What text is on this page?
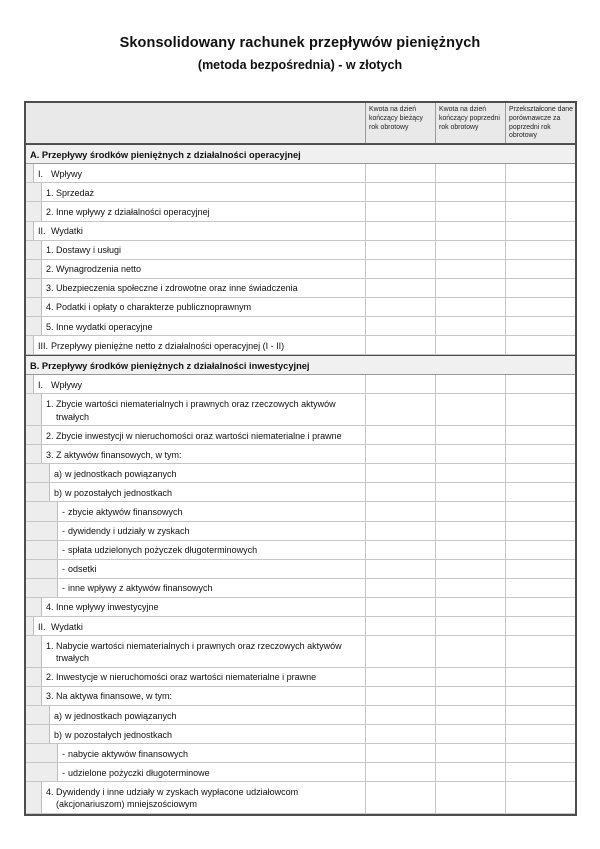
Skonsolidowany rachunek przepływów pieniężnych
(metoda bezpośrednia) - w złotych
Kwota na dzień kończący bieżący rok obrotowy
Kwota na dzień kończący poprzedni rok obrotowy
Przekształcone dane porównawcze za poprzedni rok obrotowy
A. Przepływy środków pieniężnych z działalności operacyjnej
I. Wpływy
1. Sprzedaż
2. Inne wpływy z działalności operacyjnej
II. Wydatki
1. Dostawy i usługi
2. Wynagrodzenia netto
3. Ubezpieczenia społeczne i zdrowotne oraz inne świadczenia
4. Podatki i opłaty o charakterze publicznoprawnym
5. Inne wydatki operacyjne
III. Przepływy pieniężne netto z działalności operacyjnej (I - II)
B. Przepływy środków pieniężnych z działalności inwestycyjnej
I. Wpływy
1. Zbycie wartości niematerialnych i prawnych oraz rzeczowych aktywów trwałych
2. Zbycie inwestycji w nieruchomości oraz wartości niematerialne i prawne
3. Z aktywów finansowych, w tym:
a) w jednostkach powiązanych
b) w pozostałych jednostkach
- zbycie aktywów finansowych
- dywidendy i udziały w zyskach
- spłata udzielonych pożyczek długoterminowych
- odsetki
- inne wpływy z aktywów finansowych
4. Inne wpływy inwestycyjne
II. Wydatki
1. Nabycie wartości niematerialnych i prawnych oraz rzeczowych aktywów trwałych
2. Inwestycje w nieruchomości oraz wartości niematerialne i prawne
3. Na aktywa finansowe, w tym:
a) w jednostkach powiązanych
b) w pozostałych jednostkach
- nabycie aktywów finansowych
- udzielone pożyczki długoterminowe
4. Dywidendy i inne udziały w zyskach wypłacone udziałowcom (akcjonariuszom) mniejszościowym
